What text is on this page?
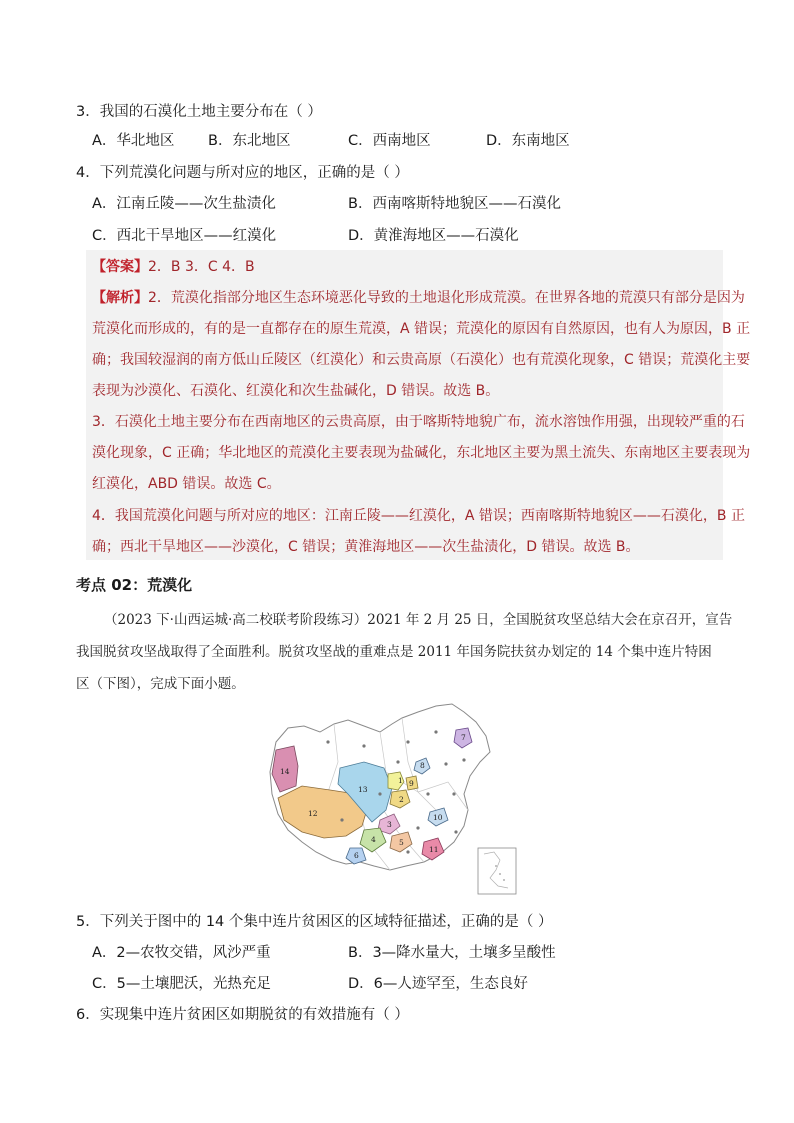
3．我国的石漠化土地主要分布在（ ）
A．华北地区 B．东北地区	C．西南地区	D．东南地区
4．下列荒漠化问题与所对应的地区，正确的是（ ）
A．江南丘陵——次生盐渍化	B．西南喀斯特地貌区——石漠化
C．西北干旱地区——红漠化	D．黄淮海地区——石漠化
【答案】2．B 3．C 4．B
【解析】2．荒漠化指部分地区生态环境恶化导致的土地退化形成荒漠。在世界各地的荒漠只有部分是因为
荒漠化而形成的，有的是一直都存在的原生荒漠，A 错误；荒漠化的原因有自然原因，也有人为原因，B 正
确；我国较湿润的南方低山丘陵区（红漠化）和云贵高原（石漠化）也有荒漠化现象，C 错误；荒漠化主要
表现为沙漠化、石漠化、红漠化和次生盐碱化，D 错误。故选 B。
3．石漠化土地主要分布在西南地区的云贵高原，由于喀斯特地貌广布，流水溶蚀作用强，出现较严重的石
漠化现象，C 正确；华北地区的荒漠化主要表现为盐碱化，东北地区主要为黑土流失、东南地区主要表现为
红漠化，ABD 错误。故选 C。
4．我国荒漠化问题与所对应的地区：江南丘陵——红漠化，A 错误；西南喀斯特地貌区——石漠化，B 正
确；西北干旱地区——沙漠化，C 错误；黄淮海地区——次生盐渍化，D 错误。故选 B。
考点 02：荒漠化
（2023 下·山西运城·高二校联考阶段练习）2021 年 2 月 25 日，全国脱贫攻坚总结大会在京召开，宣告
我国脱贫攻坚战取得了全面胜利。脱贫攻坚战的重难点是 2011 年国务院扶贫办划定的 14 个集中连片特困
区（下图），完成下面小题。
1
2
3
4	5
6
7
8
9
10
11
12
13
14
5．下列关于图中的 14 个集中连片贫困区的区域特征描述，正确的是（ ）
A．2—农牧交错，风沙严重	B．3—降水量大，土壤多呈酸性
C．5—土壤肥沃，光热充足	D．6—人迹罕至，生态良好
6．实现集中连片贫困区如期脱贫的有效措施有（ ）
